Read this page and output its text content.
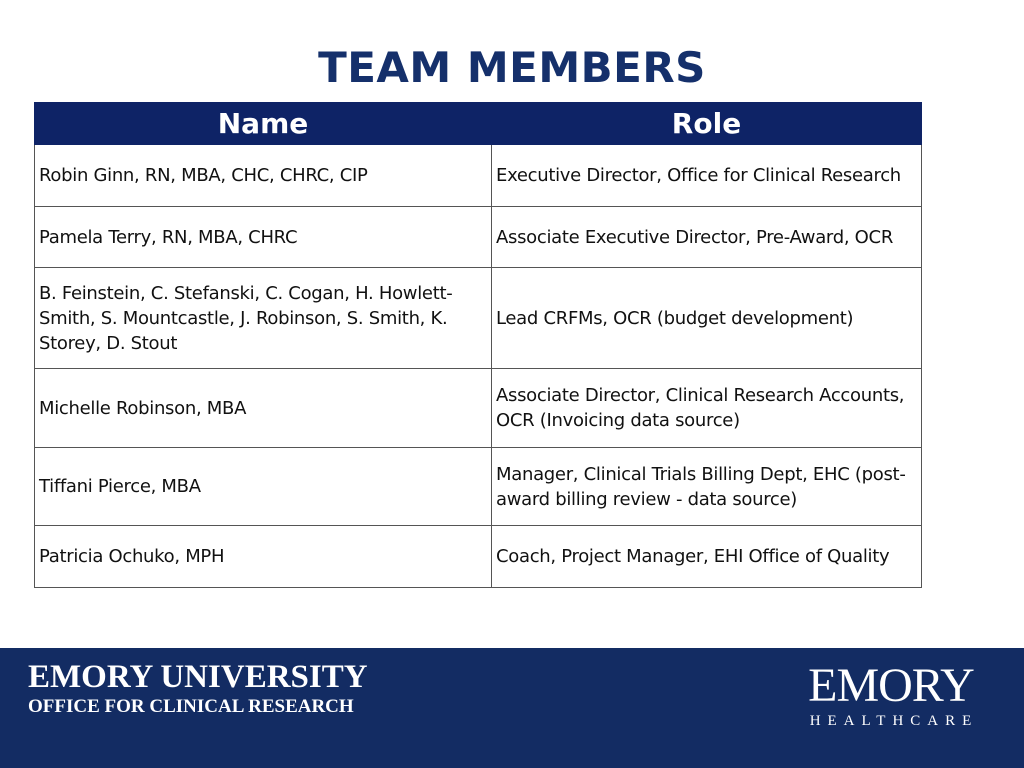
TEAM MEMBERS
Name	Role
Robin Ginn, RN, MBA, CHC, CHRC, CIP	Executive Director, Office for Clinical Research
Pamela Terry, RN, MBA, CHRC	Associate Executive Director, Pre-Award, OCR
B. Feinstein, C. Stefanski, C. Cogan, H. Howlett-Smith, S. Mountcastle, J. Robinson, S. Smith, K. Storey, D. Stout	Lead CRFMs, OCR (budget development)
Michelle Robinson, MBA	Associate Director, Clinical Research Accounts, OCR (Invoicing data source)
Tiffani Pierce, MBA	Manager, Clinical Trials Billing Dept, EHC (post-award billing review - data source)
Patricia Ochuko, MPH	Coach, Project Manager, EHI Office of Quality
EMORY UNIVERSITY
OFFICE FOR CLINICAL RESEARCH	EMORY
HEALTHCARE
